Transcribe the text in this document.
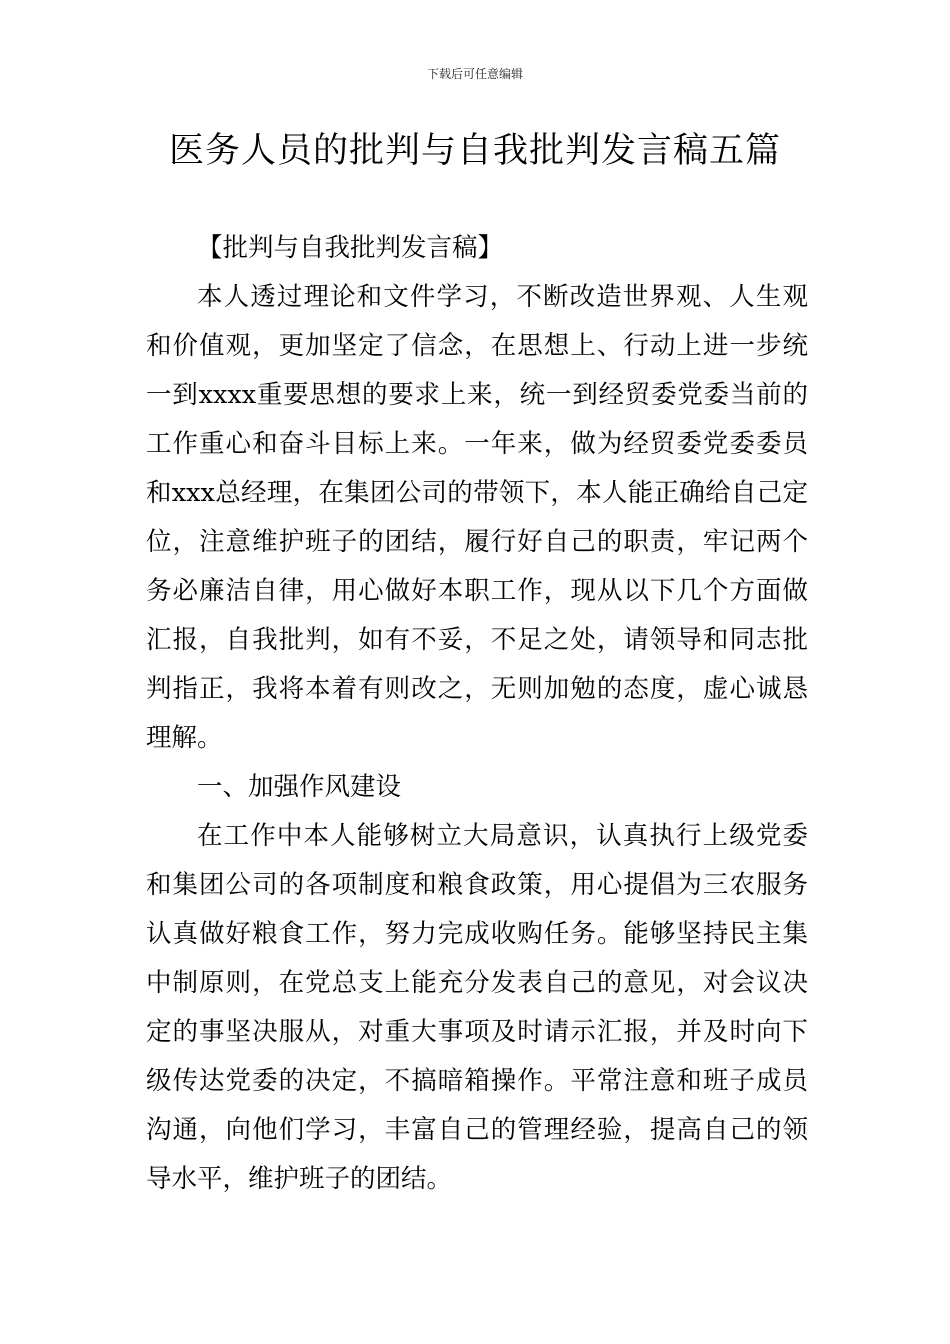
下载后可任意编辑
医务人员的批判与自我批判发言稿五篇

【批判与自我批判发言稿】

本人透过理论和文件学习，不断改造世界观、人生观和价值观，更加坚定了信念，在思想上、行动上进一步统一到xxxx重要思想的要求上来，统一到经贸委党委当前的工作重心和奋斗目标上来。一年来，做为经贸委党委委员和xxx总经理，在集团公司的带领下，本人能正确给自己定位，注意维护班子的团结，履行好自己的职责，牢记两个务必廉洁自律，用心做好本职工作，现从以下几个方面做汇报，自我批判，如有不妥，不足之处，请领导和同志批判指正，我将本着有则改之，无则加勉的态度，虚心诚恳理解。

一、加强作风建设

在工作中本人能够树立大局意识，认真执行上级党委和集团公司的各项制度和粮食政策，用心提倡为三农服务认真做好粮食工作，努力完成收购任务。能够坚持民主集中制原则，在党总支上能充分发表自己的意见，对会议决定的事坚决服从，对重大事项及时请示汇报，并及时向下级传达党委的决定，不搞暗箱操作。平常注意和班子成员沟通，向他们学习，丰富自己的管理经验，提高自己的领导水平，维护班子的团结。
